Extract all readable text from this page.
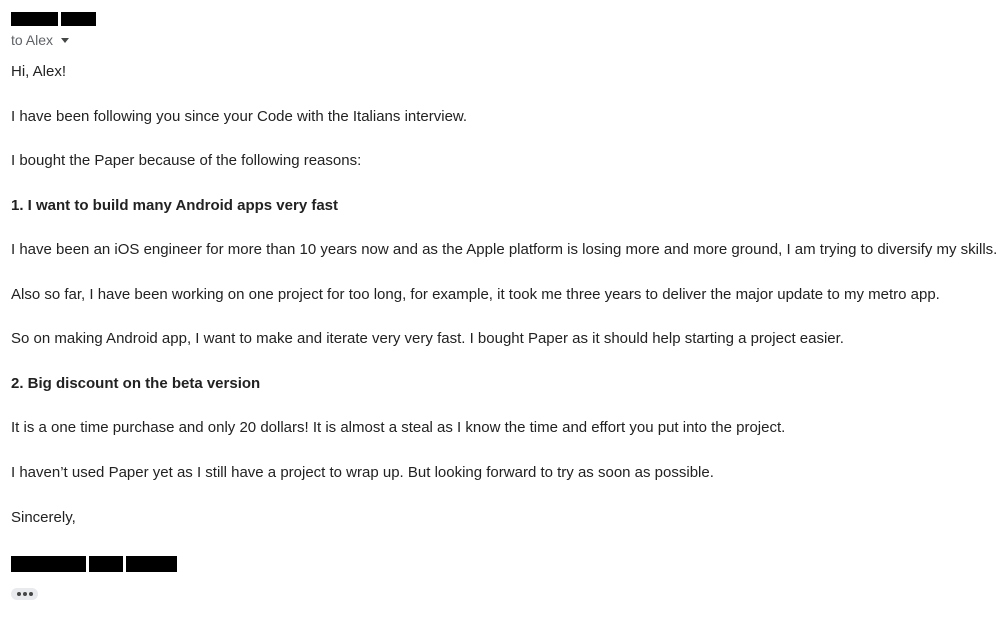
to Alex
Hi, Alex!
I have been following you since your Code with the Italians interview.
I bought the Paper because of the following reasons:
1. I want to build many Android apps very fast
I have been an iOS engineer for more than 10 years now and as the Apple platform is losing more and more ground, I am trying to diversify my skills.
Also so far, I have been working on one project for too long, for example, it took me three years to deliver the major update to my metro app.
So on making Android app, I want to make and iterate very very fast. I bought Paper as it should help starting a project easier.
2. Big discount on the beta version
It is a one time purchase and only 20 dollars! It is almost a steal as I know the time and effort you put into the project.
I haven’t used Paper yet as I still have a project to wrap up. But looking forward to try as soon as possible.
Sincerely,
